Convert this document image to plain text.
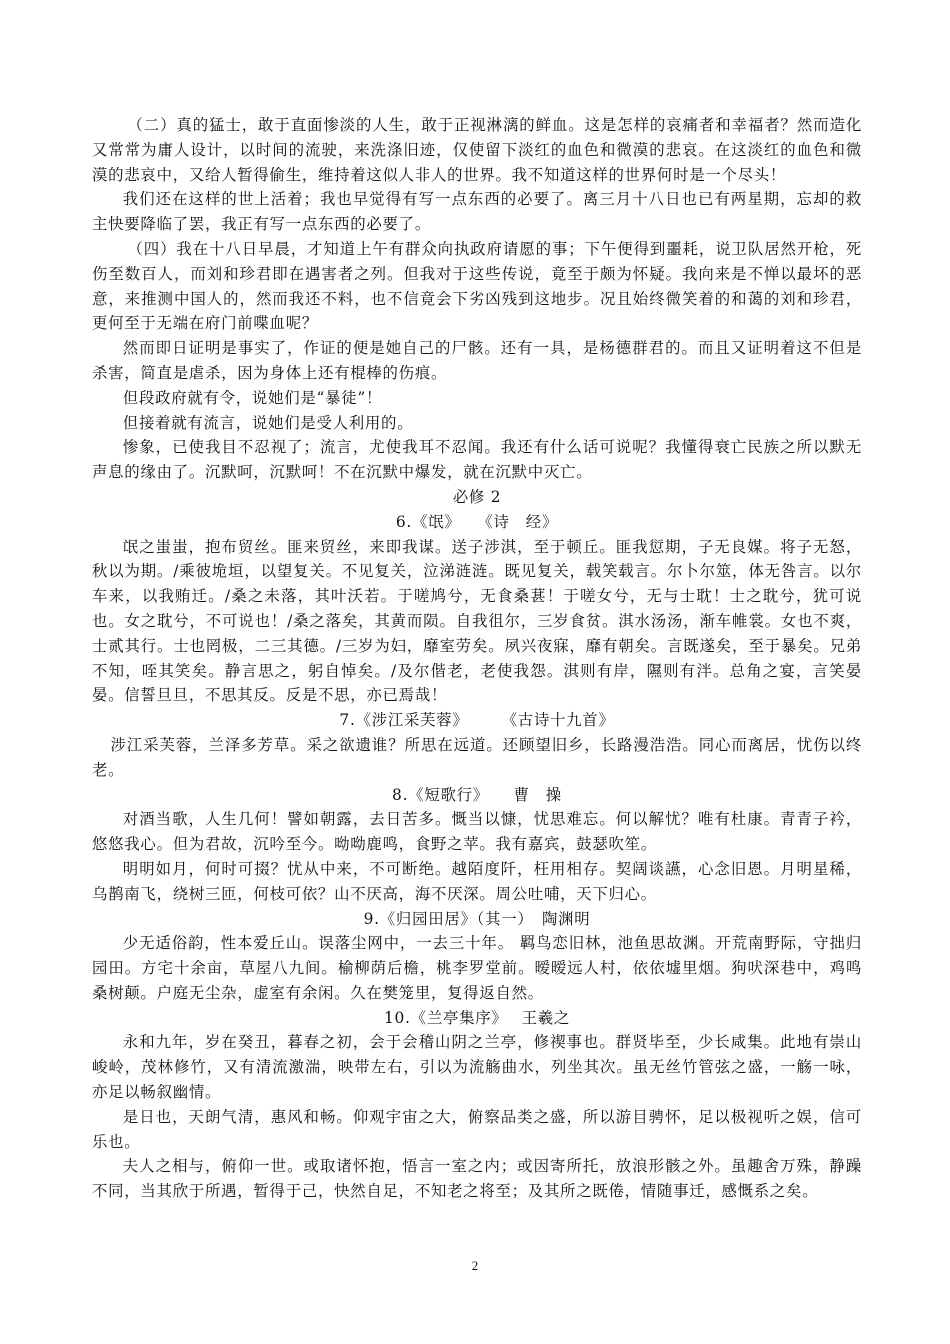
（二）真的猛士，敢于直面惨淡的人生，敢于正视淋漓的鲜血。这是怎样的哀痛者和幸福者？然而造化又常常为庸人设计，以时间的流驶，来洗涤旧迹，仅使留下淡红的血色和微漠的悲哀。在这淡红的血色和微漠的悲哀中，又给人暂得偷生，维持着这似人非人的世界。我不知道这样的世界何时是一个尽头！

我们还在这样的世上活着；我也早觉得有写一点东西的必要了。离三月十八日也已有两星期，忘却的救主快要降临了罢，我正有写一点东西的必要了。

（四）我在十八日早晨，才知道上午有群众向执政府请愿的事；下午便得到噩耗，说卫队居然开枪，死伤至数百人，而刘和珍君即在遇害者之列。但我对于这些传说，竟至于颇为怀疑。我向来是不惮以最坏的恶意，来推测中国人的，然而我还不料，也不信竟会下劣凶残到这地步。况且始终微笑着的和蔼的刘和珍君，更何至于无端在府门前喋血呢？

然而即日证明是事实了，作证的便是她自己的尸骸。还有一具，是杨德群君的。而且又证明着这不但是杀害，简直是虐杀，因为身体上还有棍棒的伤痕。

但段政府就有令，说她们是“暴徒”！

但接着就有流言，说她们是受人利用的。

惨象，已使我目不忍视了；流言，尤使我耳不忍闻。我还有什么话可说呢？我懂得衰亡民族之所以默无声息的缘由了。沉默呵，沉默呵！不在沉默中爆发，就在沉默中灭亡。

必修 2
6.《氓》　　《诗　经》

氓之蚩蚩，抱布贸丝。匪来贸丝，来即我谋。送子涉淇，至于顿丘。匪我愆期，子无良媒。将子无怒，秋以为期。/乘彼垝垣，以望复关。不见复关，泣涕涟涟。既见复关，载笑载言。尔卜尔筮，体无咎言。以尔车来，以我贿迁。/桑之未落，其叶沃若。于嗟鸠兮，无食桑葚！于嗟女兮，无与士耽！士之耽兮，犹可说也。女之耽兮，不可说也！/桑之落矣，其黄而陨。自我徂尔，三岁食贫。淇水汤汤，渐车帷裳。女也不爽，士贰其行。士也罔极，二三其德。/三岁为妇，靡室劳矣。夙兴夜寐，靡有朝矣。言既遂矣，至于暴矣。兄弟不知，咥其笑矣。静言思之，躬自悼矣。/及尔偕老，老使我怨。淇则有岸，隰则有泮。总角之宴，言笑晏晏。信誓旦旦，不思其反。反是不思，亦已焉哉！

7.《涉江采芙蓉》　　　《古诗十九首》

涉江采芙蓉，兰泽多芳草。采之欲遗谁？所思在远道。还顾望旧乡，长路漫浩浩。同心而离居，忧伤以终老。

8.《短歌行》　　曹　操

对酒当歌，人生几何！譬如朝露，去日苦多。慨当以慷，忧思难忘。何以解忧？唯有杜康。青青子衿，悠悠我心。但为君故，沉吟至今。呦呦鹿鸣，食野之苹。我有嘉宾，鼓瑟吹笙。

明明如月，何时可掇？忧从中来，不可断绝。越陌度阡，枉用相存。契阔谈讌，心念旧恩。月明星稀，乌鹊南飞，绕树三匝，何枝可依？山不厌高，海不厌深。周公吐哺，天下归心。

9.《归园田居》（其一）　陶渊明

少无适俗韵，性本爱丘山。误落尘网中，一去三十年。 羁鸟恋旧林，池鱼思故渊。开荒南野际，守拙归园田。方宅十余亩，草屋八九间。榆柳荫后檐，桃李罗堂前。暧暧远人村，依依墟里烟。狗吠深巷中，鸡鸣桑树颠。户庭无尘杂，虚室有余闲。久在樊笼里，复得返自然。

10.《兰亭集序》　 王羲之

永和九年，岁在癸丑，暮春之初，会于会稽山阴之兰亭，修禊事也。群贤毕至，少长咸集。此地有崇山峻岭，茂林修竹，又有清流激湍，映带左右，引以为流觞曲水，列坐其次。虽无丝竹管弦之盛，一觞一咏，亦足以畅叙幽情。

是日也，天朗气清，惠风和畅。仰观宇宙之大，俯察品类之盛，所以游目骋怀，足以极视听之娱，信可乐也。

夫人之相与，俯仰一世。或取诸怀抱，悟言一室之内；或因寄所托，放浪形骸之外。虽趣舍万殊，静躁不同，当其欣于所遇，暂得于己，快然自足，不知老之将至；及其所之既倦，情随事迁，感慨系之矣。

2
